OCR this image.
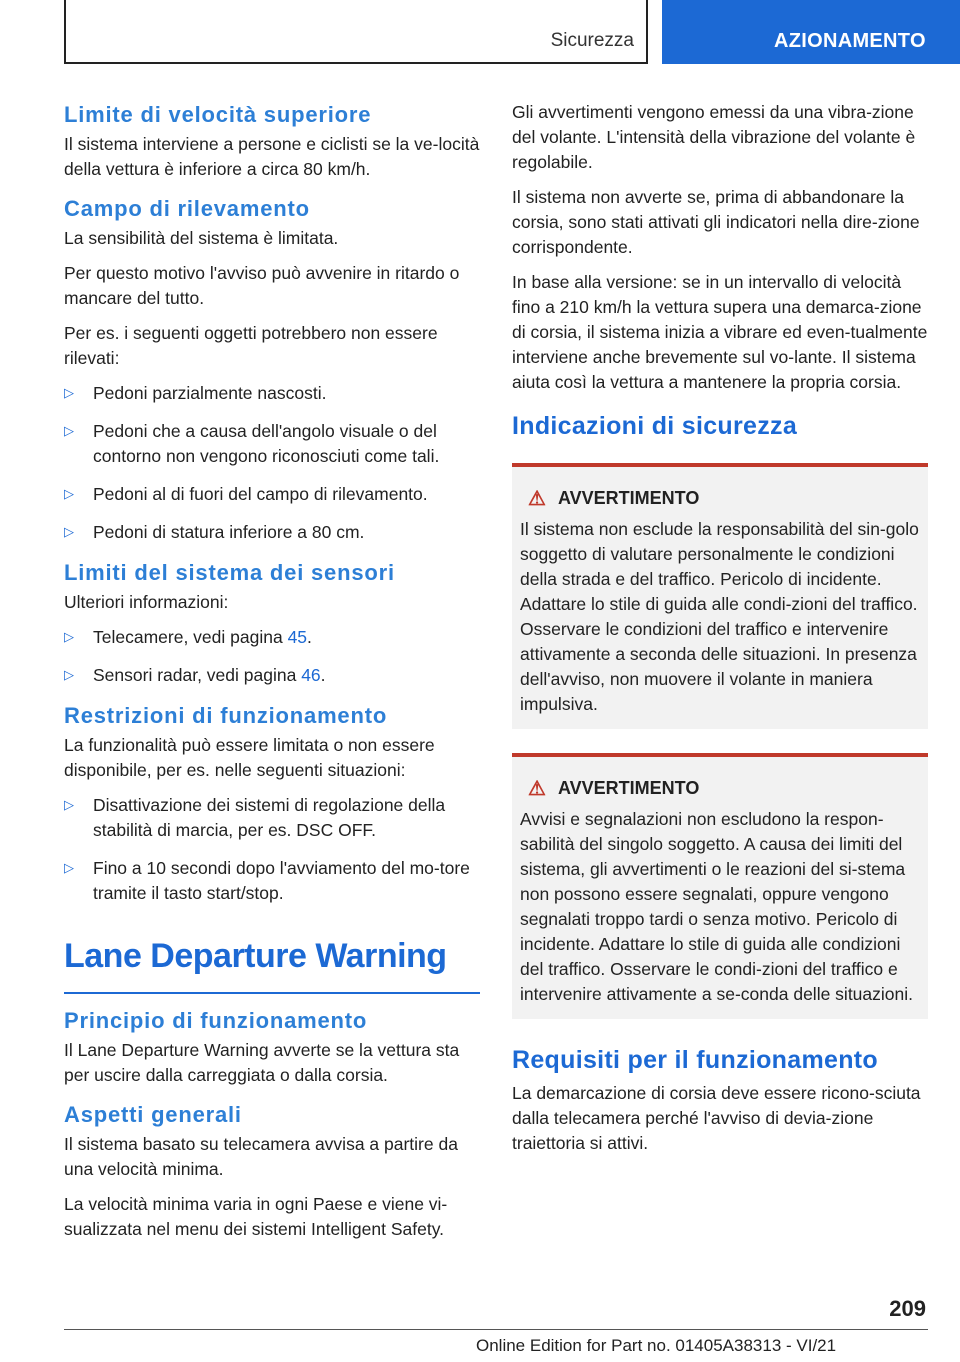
Sicurezza	AZIONAMENTO
Limite di velocità superiore

Il sistema interviene a persone e ciclisti se la ve-locità della vettura è inferiore a circa 80 km/h.

Campo di rilevamento

La sensibilità del sistema è limitata.

Per questo motivo l'avviso può avvenire in ritardo o mancare del tutto.

Per es. i seguenti oggetti potrebbero non essere rilevati:

▷ Pedoni parzialmente nascosti.
▷ Pedoni che a causa dell'angolo visuale o del contorno non vengono riconosciuti come tali.
▷ Pedoni al di fuori del campo di rilevamento.
▷ Pedoni di statura inferiore a 80 cm.
Limiti del sistema dei sensori

Ulteriori informazioni:

▷ Telecamere, vedi pagina 45.
▷ Sensori radar, vedi pagina 46.
Restrizioni di funzionamento

La funzionalità può essere limitata o non essere disponibile, per es. nelle seguenti situazioni:

▷ Disattivazione dei sistemi di regolazione della stabilità di marcia, per es. DSC OFF.
▷ Fino a 10 secondi dopo l'avviamento del mo-tore tramite il tasto start/stop.
Lane Departure Warning
Principio di funzionamento

Il Lane Departure Warning avverte se la vettura sta per uscire dalla carreggiata o dalla corsia.

Aspetti generali

Il sistema basato su telecamera avvisa a partire da una velocità minima.

La velocità minima varia in ogni Paese e viene vi-sualizzata nel menu dei sistemi Intelligent Safety.

Gli avvertimenti vengono emessi da una vibra-zione del volante. L'intensità della vibrazione del volante è regolabile.

Il sistema non avverte se, prima di abbandonare la corsia, sono stati attivati gli indicatori nella dire-zione corrispondente.

In base alla versione: se in un intervallo di velocità fino a 210 km/h la vettura supera una demarca-zione di corsia, il sistema inizia a vibrare ed even-tualmente interviene anche brevemente sul vo-lante. Il sistema aiuta così la vettura a mantenere la propria corsia.

Indicazioni di sicurezza
⚠ AVVERTIMENTO

Il sistema non esclude la responsabilità del sin-golo soggetto di valutare personalmente le condizioni della strada e del traffico. Pericolo di incidente. Adattare lo stile di guida alle condi-zioni del traffico. Osservare le condizioni del traffico e intervenire attivamente a seconda delle situazioni. In presenza dell'avviso, non muovere il volante in maniera impulsiva.

⚠ AVVERTIMENTO

Avvisi e segnalazioni non escludono la respon-sabilità del singolo soggetto. A causa dei limiti del sistema, gli avvertimenti o le reazioni del si-stema non possono essere segnalati, oppure vengono segnalati troppo tardi o senza motivo. Pericolo di incidente. Adattare lo stile di guida alle condizioni del traffico. Osservare le condi-zioni del traffico e intervenire attivamente a se-conda delle situazioni.

Requisiti per il funzionamento

La demarcazione di corsia deve essere ricono-sciuta dalla telecamera perché l'avviso di devia-zione traiettoria si attivi.

209
Online Edition for Part no. 01405A38313 - VI/21
